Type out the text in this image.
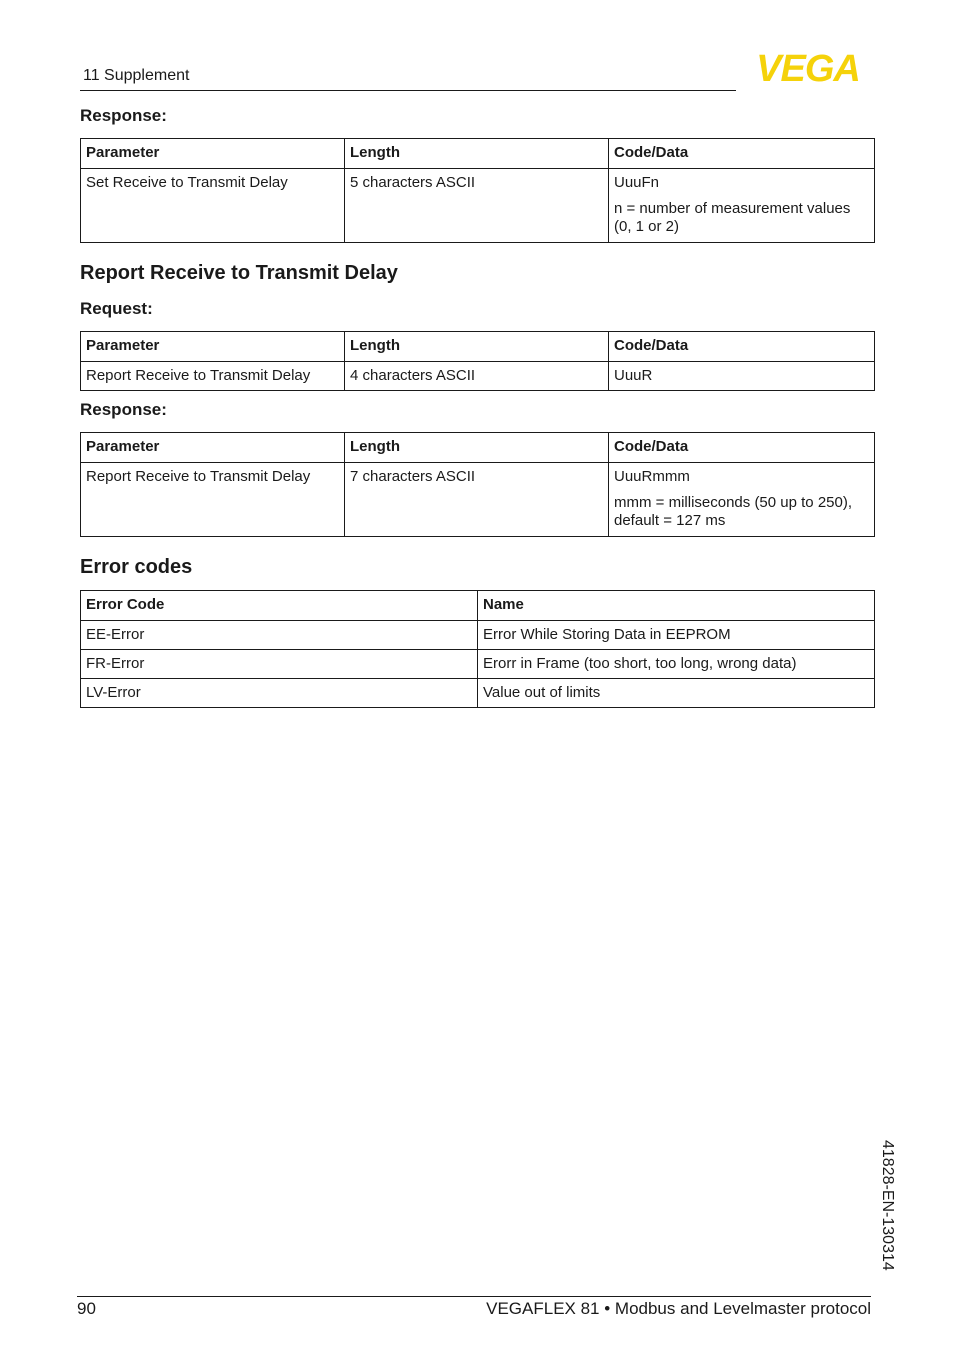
11 Supplement	VEGA
Response:
Parameter	Length	Code/Data
Set Receive to Transmit Delay	5 characters ASCII	UuuFn
n = number of measurement values (0, 1 or 2)
Report Receive to Transmit Delay
Request:
Parameter	Length	Code/Data
Report Receive to Transmit Delay	4 characters ASCII	UuuR
Response:
Parameter	Length	Code/Data
Report Receive to Transmit Delay	7 characters ASCII	UuuRmmm
mmm = milliseconds (50 up to 250), default = 127 ms
Error codes
Error Code	Name
EE-Error	Error While Storing Data in EEPROM
FR-Error	Erorr in Frame (too short, too long, wrong data)
LV-Error	Value out of limits
41828-EN-130314
90	VEGAFLEX 81 • Modbus and Levelmaster protocol
